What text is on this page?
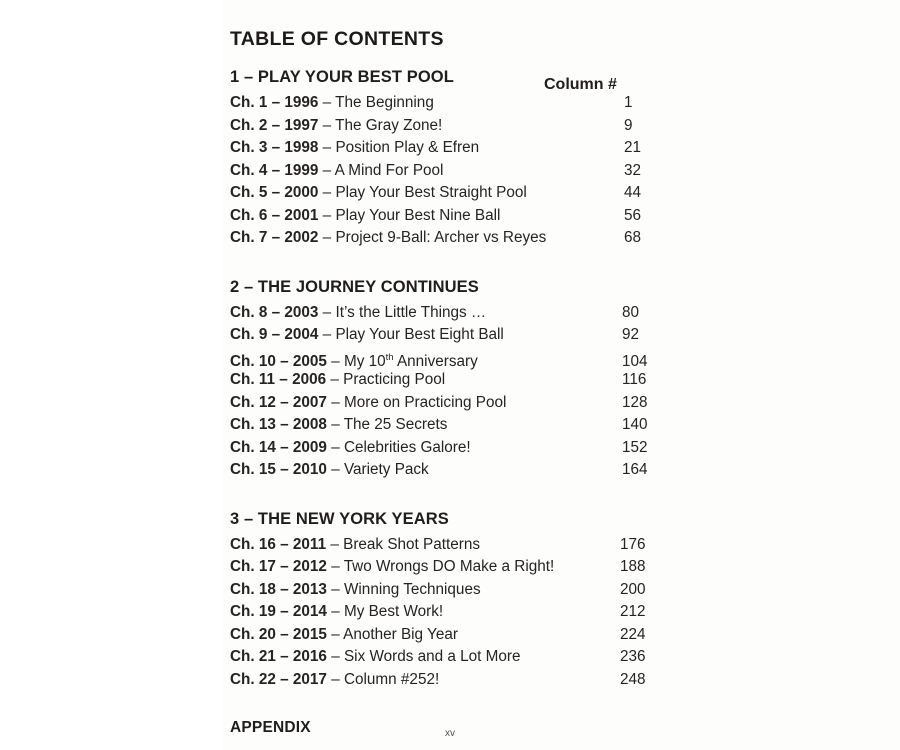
TABLE OF CONTENTS
1 – PLAY YOUR BEST POOL
Ch. 1 – 1996 – The Beginning	1
Ch. 2 – 1997 – The Gray Zone!	9
Ch. 3 – 1998 – Position Play & Efren	21
Ch. 4 – 1999 – A Mind For Pool	32
Ch. 5 – 2000 – Play Your Best Straight Pool	44
Ch. 6 – 2001 – Play Your Best Nine Ball	56
Ch. 7 – 2002 – Project 9-Ball: Archer vs Reyes	68
2 – THE JOURNEY CONTINUES
Ch. 8 – 2003 – It’s the Little Things …	80
Ch. 9 – 2004 – Play Your Best Eight Ball	92
Ch. 10 – 2005 – My 10th Anniversary	104
Ch. 11 – 2006 – Practicing Pool	116
Ch. 12 – 2007 – More on Practicing Pool	128
Ch. 13 – 2008 – The 25 Secrets	140
Ch. 14 – 2009 – Celebrities Galore!	152
Ch. 15 – 2010 – Variety Pack	164
3 – THE NEW YORK YEARS
Ch. 16 – 2011 – Break Shot Patterns	176
Ch. 17 – 2012 – Two Wrongs DO Make a Right!	188
Ch. 18 – 2013 – Winning Techniques	200
Ch. 19 – 2014 – My Best Work!	212
Ch. 20 – 2015 – Another Big Year	224
Ch. 21 – 2016 – Six Words and a Lot More	236
Ch. 22 – 2017 – Column #252!	248
APPENDIX
Column #
xv
